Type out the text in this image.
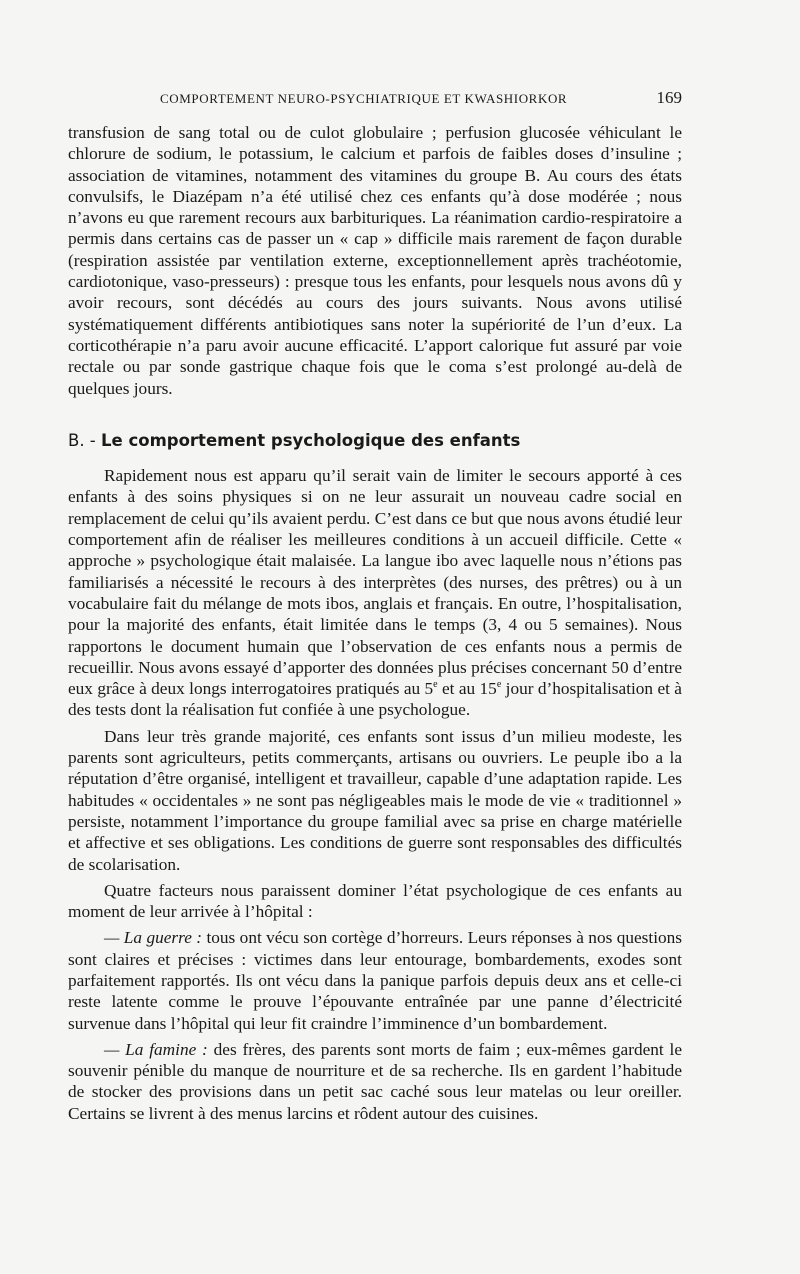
COMPORTEMENT NEURO-PSYCHIATRIQUE ET KWASHIORKOR	169

transfusion de sang total ou de culot globulaire ; perfusion glucosée véhiculant le chlorure de sodium, le potassium, le calcium et parfois de faibles doses d’insuline ; association de vitamines, notamment des vitamines du groupe B. Au cours des états convulsifs, le Diazépam n’a été utilisé chez ces enfants qu’à dose modérée ; nous n’avons eu que rarement recours aux barbituriques. La réanimation cardio-respiratoire a permis dans certains cas de passer un « cap » difficile mais rarement de façon durable (respiration assistée par ventilation externe, exceptionnellement après trachéotomie, cardiotonique, vaso-presseurs) : presque tous les enfants, pour lesquels nous avons dû y avoir recours, sont décédés au cours des jours suivants. Nous avons utilisé systématiquement différents antibiotiques sans noter la supériorité de l’un d’eux. La corticothérapie n’a paru avoir aucune efficacité. L’apport calorique fut assuré par voie rectale ou par sonde gastrique chaque fois que le coma s’est prolongé au-delà de quelques jours.

B. - Le comportement psychologique des enfants

Rapidement nous est apparu qu’il serait vain de limiter le secours apporté à ces enfants à des soins physiques si on ne leur assurait un nouveau cadre social en remplacement de celui qu’ils avaient perdu. C’est dans ce but que nous avons étudié leur comportement afin de réaliser les meilleures conditions à un accueil difficile. Cette « approche » psychologique était malaisée. La langue ibo avec laquelle nous n’étions pas familiarisés a nécessité le recours à des interprètes (des nurses, des prêtres) ou à un vocabulaire fait du mélange de mots ibos, anglais et français. En outre, l’hospitalisation, pour la majorité des enfants, était limitée dans le temps (3, 4 ou 5 semaines). Nous rapportons le document humain que l’observation de ces enfants nous a permis de recueillir. Nous avons essayé d’apporter des données plus précises concernant 50 d’entre eux grâce à deux longs interrogatoires pratiqués au 5e et au 15e jour d’hospitalisation et à des tests dont la réalisation fut confiée à une psychologue.

Dans leur très grande majorité, ces enfants sont issus d’un milieu modeste, les parents sont agriculteurs, petits commerçants, artisans ou ouvriers. Le peuple ibo a la réputation d’être organisé, intelligent et travailleur, capable d’une adaptation rapide. Les habitudes « occidentales » ne sont pas négligeables mais le mode de vie « traditionnel » persiste, notamment l’importance du groupe familial avec sa prise en charge matérielle et affective et ses obligations. Les conditions de guerre sont responsables des difficultés de scolarisation.

Quatre facteurs nous paraissent dominer l’état psychologique de ces enfants au moment de leur arrivée à l’hôpital :

— La guerre : tous ont vécu son cortège d’horreurs. Leurs réponses à nos questions sont claires et précises : victimes dans leur entourage, bombardements, exodes sont parfaitement rapportés. Ils ont vécu dans la panique parfois depuis deux ans et celle-ci reste latente comme le prouve l’épouvante entraînée par une panne d’électricité survenue dans l’hôpital qui leur fit craindre l’imminence d’un bombardement.

— La famine : des frères, des parents sont morts de faim ; eux-mêmes gardent le souvenir pénible du manque de nourriture et de sa recherche. Ils en gardent l’habitude de stocker des provisions dans un petit sac caché sous leur matelas ou leur oreiller. Certains se livrent à des menus larcins et rôdent autour des cuisines.
